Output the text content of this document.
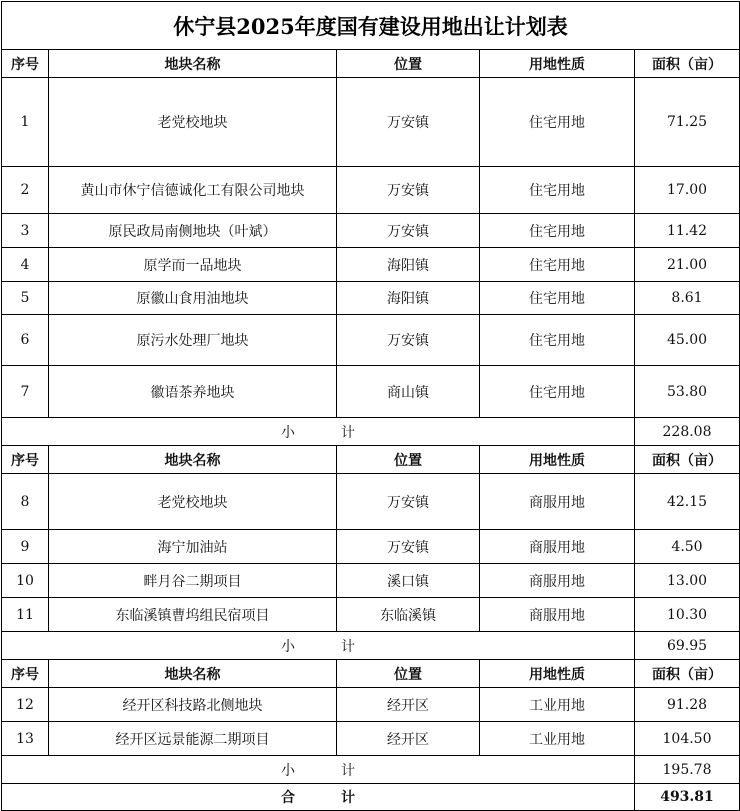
休宁县2025年度国有建设用地出让计划表
序号	地块名称	位置	用地性质	面积（亩）
1	老党校地块	万安镇	住宅用地	71.25
2	黄山市休宁信德诚化工有限公司地块	万安镇	住宅用地	17.00
3	原民政局南侧地块（叶斌）	万安镇	住宅用地	11.42
4	原学而一品地块	海阳镇	住宅用地	21.00
5	原徽山食用油地块	海阳镇	住宅用地	8.61
6	原污水处理厂地块	万安镇	住宅用地	45.00
7	徽语茶养地块	商山镇	住宅用地	53.80
小 计				228.08
序号	地块名称	位置	用地性质	面积（亩）
8	老党校地块	万安镇	商服用地	42.15
9	海宁加油站	万安镇	商服用地	4.50
10	畔月谷二期项目	溪口镇	商服用地	13.00
11	东临溪镇曹坞组民宿项目	东临溪镇	商服用地	10.30
小 计				69.95
序号	地块名称	位置	用地性质	面积（亩）
12	经开区科技路北侧地块	经开区	工业用地	91.28
13	经开区远景能源二期项目	经开区	工业用地	104.50
小 计				195.78
合 计				493.81
